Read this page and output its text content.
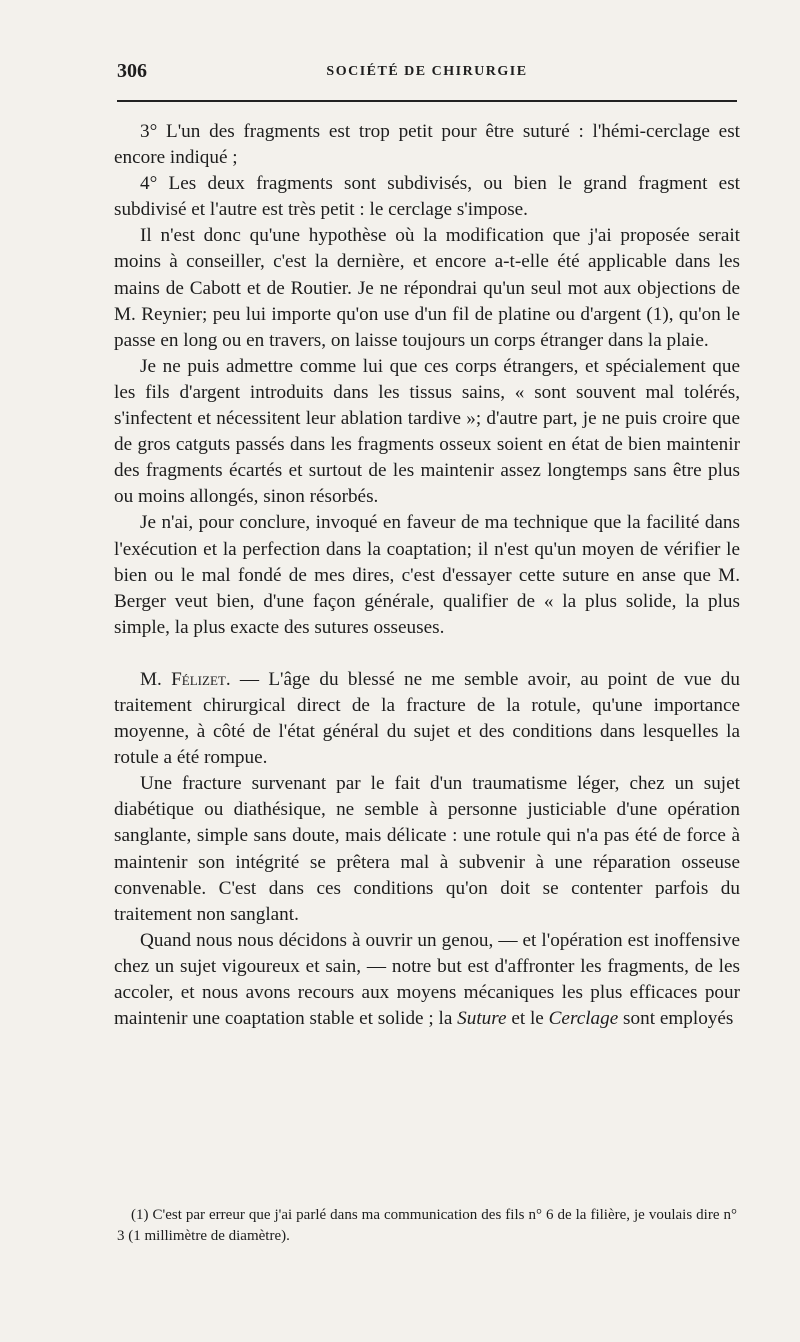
306	SOCIÉTÉ DE CHIRURGIE

3° L'un des fragments est trop petit pour être suturé : l'hémi-cerclage est encore indiqué ;

4° Les deux fragments sont subdivisés, ou bien le grand fragment est subdivisé et l'autre est très petit : le cerclage s'impose.

Il n'est donc qu'une hypothèse où la modification que j'ai proposée serait moins à conseiller, c'est la dernière, et encore a-t-elle été applicable dans les mains de Cabott et de Routier. Je ne répondrai qu'un seul mot aux objections de M. Reynier; peu lui importe qu'on use d'un fil de platine ou d'argent (1), qu'on le passe en long ou en travers, on laisse toujours un corps étranger dans la plaie.

Je ne puis admettre comme lui que ces corps étrangers, et spécialement que les fils d'argent introduits dans les tissus sains, « sont souvent mal tolérés, s'infectent et nécessitent leur ablation tardive »; d'autre part, je ne puis croire que de gros catguts passés dans les fragments osseux soient en état de bien maintenir des fragments écartés et surtout de les maintenir assez longtemps sans être plus ou moins allongés, sinon résorbés.

Je n'ai, pour conclure, invoqué en faveur de ma technique que la facilité dans l'exécution et la perfection dans la coaptation; il n'est qu'un moyen de vérifier le bien ou le mal fondé de mes dires, c'est d'essayer cette suture en anse que M. Berger veut bien, d'une façon générale, qualifier de « la plus solide, la plus simple, la plus exacte des sutures osseuses.

M. Félizet. — L'âge du blessé ne me semble avoir, au point de vue du traitement chirurgical direct de la fracture de la rotule, qu'une importance moyenne, à côté de l'état général du sujet et des conditions dans lesquelles la rotule a été rompue.

Une fracture survenant par le fait d'un traumatisme léger, chez un sujet diabétique ou diathésique, ne semble à personne justiciable d'une opération sanglante, simple sans doute, mais délicate : une rotule qui n'a pas été de force à maintenir son intégrité se prêtera mal à subvenir à une réparation osseuse convenable. C'est dans ces conditions qu'on doit se contenter parfois du traitement non sanglant.

Quand nous nous décidons à ouvrir un genou, — et l'opération est inoffensive chez un sujet vigoureux et sain, — notre but est d'affronter les fragments, de les accoler, et nous avons recours aux moyens mécaniques les plus efficaces pour maintenir une coaptation stable et solide ; la Suture et le Cerclage sont employés

(1) C'est par erreur que j'ai parlé dans ma communication des fils n° 6 de la filière, je voulais dire n° 3 (1 millimètre de diamètre).
